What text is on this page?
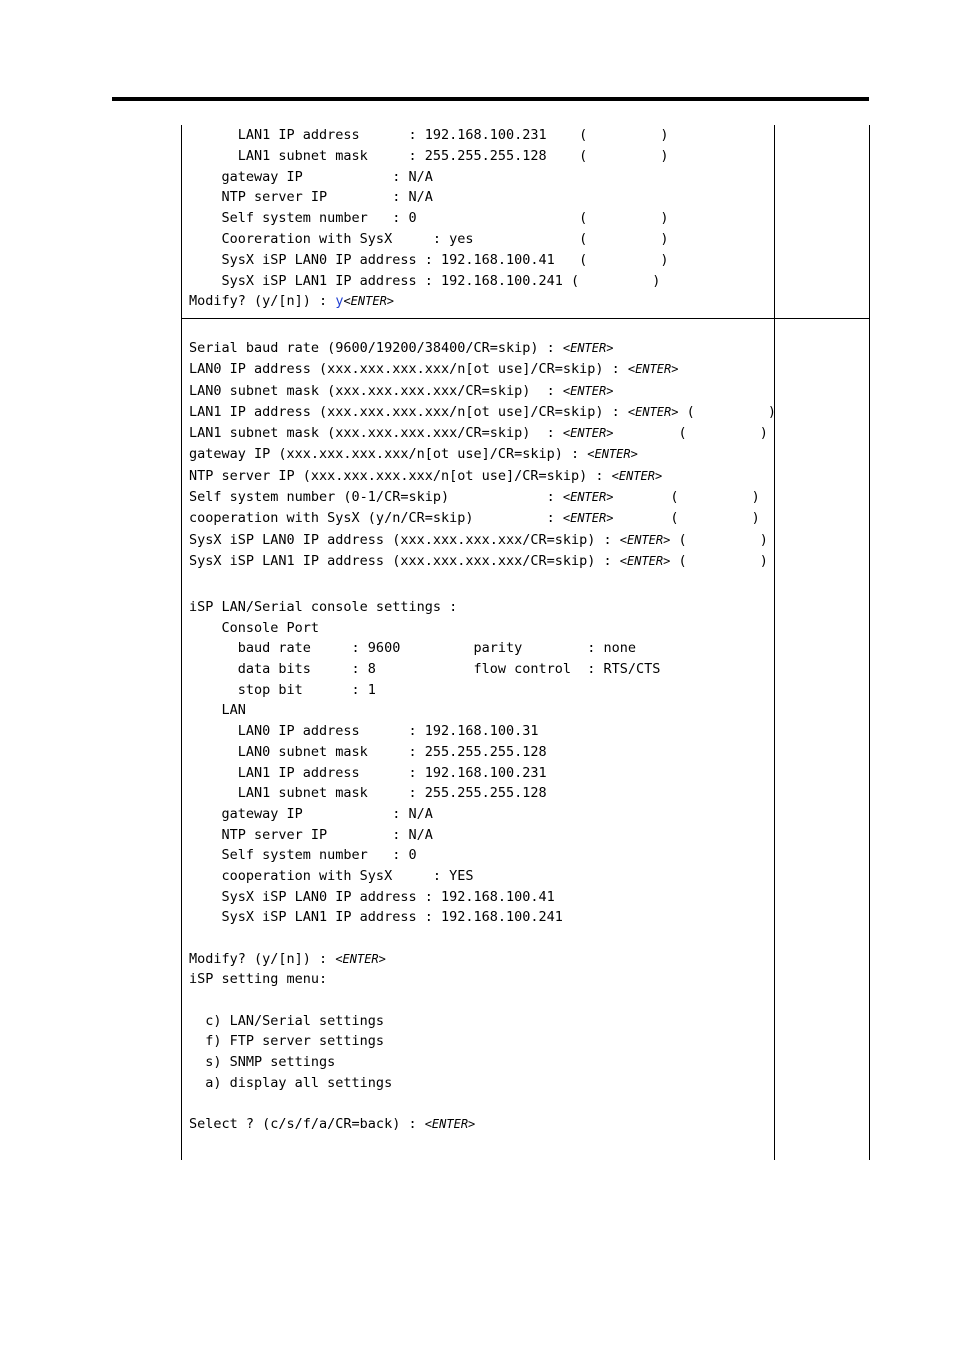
LAN1 IP address      : 192.168.100.231    (         )
LAN1 subnet mask     : 255.255.255.128    (         )
gateway IP           : N/A
NTP server IP        : N/A
Self system number   : 0                    (         )
Cooreration with SysX     : yes             (         )
SysX iSP LAN0 IP address : 192.168.100.41   (         )
SysX iSP LAN1 IP address : 192.168.100.241 (         )
Modify? (y/[n]) : y<ENTER>
Serial baud rate (9600/19200/38400/CR=skip) : <ENTER>
LAN0 IP address (xxx.xxx.xxx.xxx/n[ot use]/CR=skip) : <ENTER>
LAN0 subnet mask (xxx.xxx.xxx.xxx/CR=skip)  : <ENTER>
LAN1 IP address (xxx.xxx.xxx.xxx/n[ot use]/CR=skip) : <ENTER> (         )
LAN1 subnet mask (xxx.xxx.xxx.xxx/CR=skip)  : <ENTER>        (         )
gateway IP (xxx.xxx.xxx.xxx/n[ot use]/CR=skip) : <ENTER>
NTP server IP (xxx.xxx.xxx.xxx/n[ot use]/CR=skip) : <ENTER>
Self system number (0-1/CR=skip)            : <ENTER>       (         )
cooperation with SysX (y/n/CR=skip)         : <ENTER>       (         )
SysX iSP LAN0 IP address (xxx.xxx.xxx.xxx/CR=skip) : <ENTER> (         )
SysX iSP LAN1 IP address (xxx.xxx.xxx.xxx/CR=skip) : <ENTER> (         )
iSP LAN/Serial console settings :
Console Port
baud rate     : 9600         parity        : none
data bits     : 8            flow control  : RTS/CTS
stop bit      : 1
LAN
LAN0 IP address      : 192.168.100.31
LAN0 subnet mask     : 255.255.255.128
LAN1 IP address      : 192.168.100.231
LAN1 subnet mask     : 255.255.255.128
gateway IP           : N/A
NTP server IP        : N/A
Self system number   : 0
cooperation with SysX     : YES
SysX iSP LAN0 IP address : 192.168.100.41
SysX iSP LAN1 IP address : 192.168.100.241
Modify? (y/[n]) : <ENTER>
iSP setting menu:
c) LAN/Serial settings
f) FTP server settings
s) SNMP settings
a) display all settings
Select ? (c/s/f/a/CR=back) : <ENTER>
